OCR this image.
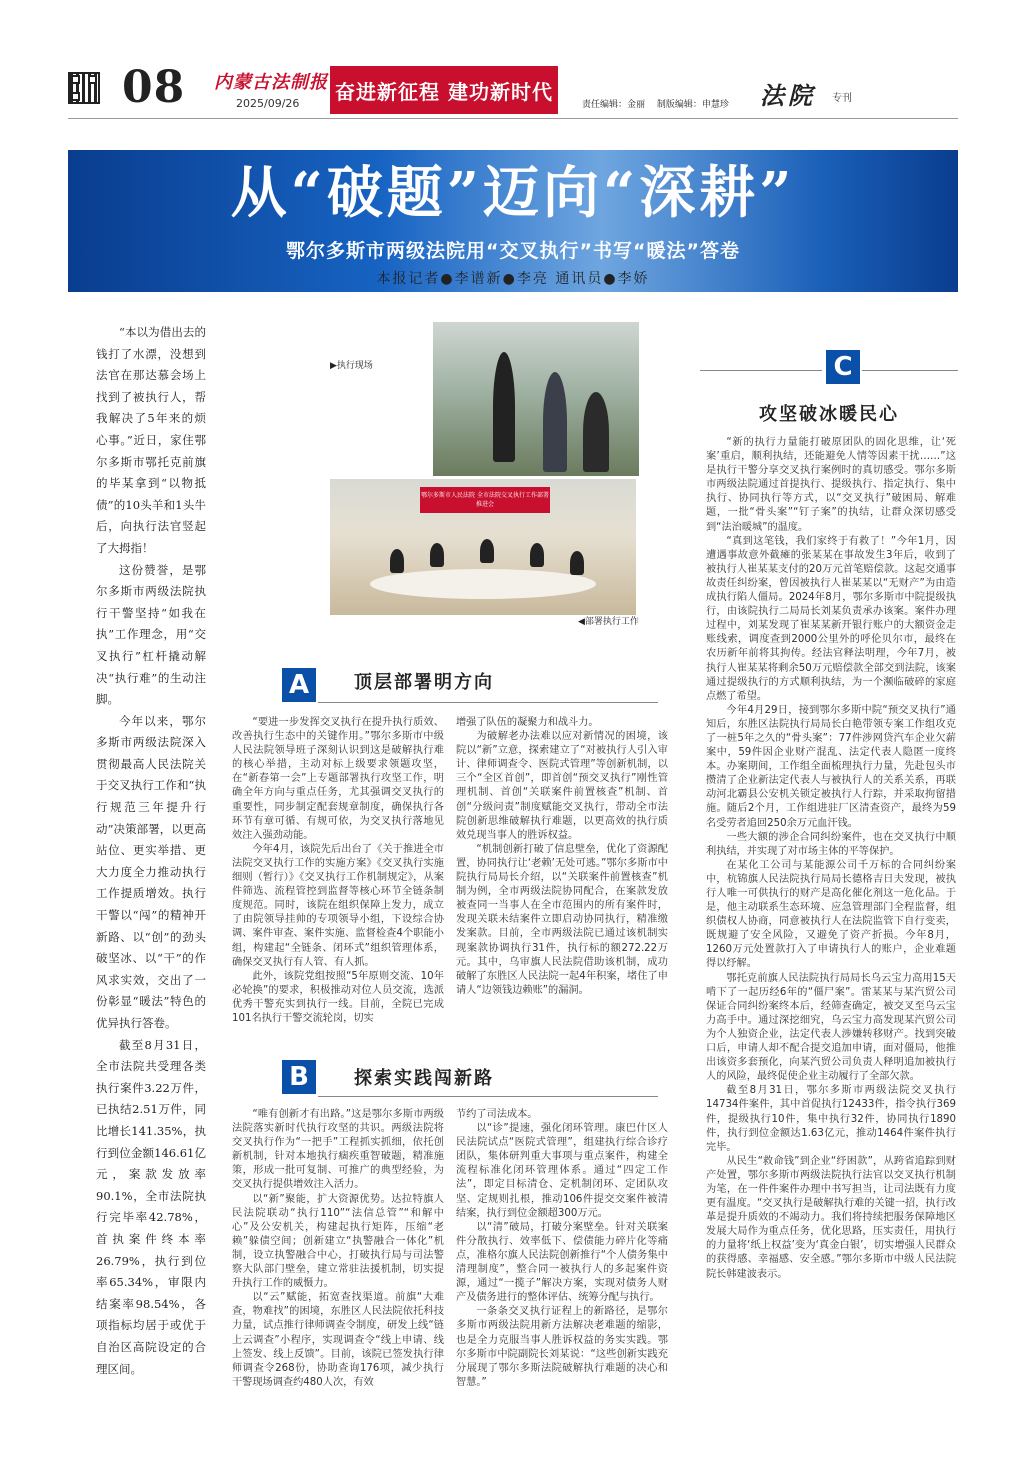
08 内蒙古法制报
2025/09/26 奋进新征程 建功新时代
责任编辑：金丽　 制版编辑：申慧珍 法院 专刊
从“破题”迈向“深耕”
鄂尔多斯市两级法院用“交叉执行”书写“暖法”答卷
本报记者●李谱新●李亮 通讯员●李娇

“本以为借出去的钱打了水漂，没想到法官在那达慕会场上找到了被执行人，帮我解决了5年来的烦心事。”近日，家住鄂尔多斯市鄂托克前旗的毕某拿到“以物抵债”的10头羊和1头牛后，向执行法官竖起了大拇指！

这份赞誉，是鄂尔多斯市两级法院执行干警坚持“如我在执”工作理念，用“交叉执行”杠杆撬动解决“执行难”的生动注脚。

今年以来，鄂尔多斯市两级法院深入贯彻最高人民法院关于交叉执行工作和“执行规范三年提升行动”决策部署，以更高站位、更实举措、更大力度全力推动执行工作提质增效。执行干警以“闯”的精神开新路、以“创”的劲头破坚冰、以“干”的作风求实效，交出了一份彰显“暖法”特色的优异执行答卷。

截至8月31日，全市法院共受理各类执行案件3.22万件，已执结2.51万件，同比增长141.35%，执行到位金额146.61亿元，案款发放率90.1%，全市法院执行完毕率42.78%，首执案件终本率26.79%，执行到位率65.34%，审限内结案率98.54%，各项指标均居于或优于自治区高院设定的合理区间。

▶执行现场
鄂尔多斯市人民法院 全市法院交叉执行工作部署推进会
◀部署执行工作
A	顶层部署明方向

“要进一步发挥交叉执行在提升执行质效、改善执行生态中的关键作用。”鄂尔多斯市中级人民法院领导班子深刻认识到这是破解执行难的核心举措，主动对标上级要求领题攻坚，在“新春第一会”上专题部署执行攻坚工作，明确全年方向与重点任务，尤其强调交叉执行的重要性，同步制定配套规章制度，确保执行各环节有章可循、有规可依，为交叉执行落地见效注入强劲动能。

今年4月，该院先后出台了《关于推进全市法院交叉执行工作的实施方案》《交叉执行实施细则（暂行）》《交叉执行工作机制规定》，从案件筛选、流程管控到监督等核心环节全链条制度规范。同时，该院在组织保障上发力，成立了由院领导挂帅的专项领导小组，下设综合协调、案件审查、案件实施、监督检查4个职能小组，构建起“全链条、闭环式”组织管理体系，确保交叉执行有人管、有人抓。

此外，该院党组按照“5年原则交流、10年必轮换”的要求，积极推动对位人员交流，选派优秀干警充实到执行一线。目前，全院已完成101名执行干警交流轮岗，切实

增强了队伍的凝聚力和战斗力。

为破解老办法难以应对新情况的困境，该院以“新”立意，探索建立了“对被执行人引入审计、律师调查令、医院式管理”等创新机制，以三个“全区首创”，即首创“预交叉执行”刚性管理机制、首创“关联案件前置核查”机制、首创“分级问责”制度赋能交叉执行，带动全市法院创新思维破解执行难题，以更高效的执行质效兑现当事人的胜诉权益。

“机制创新打破了信息壁垒，优化了资源配置，协同执行让‘老赖’无处可逃。”鄂尔多斯市中院执行局局长介绍，以“关联案件前置核查”机制为例，全市两级法院协同配合，在案款发放被查同一当事人在全市范围内的所有案件时，发现关联未结案件立即启动协同执行，精准缴发案款。目前，全市两级法院已通过该机制实现案款协调执行31件，执行标的额272.22万元。其中，乌审旗人民法院借助该机制，成功破解了东胜区人民法院一起4年积案，堵住了申请人“边领钱边赖账”的漏洞。

B	探索实践闯新路

“唯有创新才有出路。”这是鄂尔多斯市两级法院落实新时代执行攻坚的共识。两级法院将交叉执行作为“一把手”工程抓实抓细，依托创新机制，针对本地执行痼疾重智破题，精准施策，形成一批可复制、可推广的典型经验，为交叉执行提供增效注入活力。

以“新”聚能，扩大资源优势。达拉特旗人民法院联动“执行110”“法信总管”“和解中心”及公安机关，构建起执行矩阵，压缩“老赖”躲债空间；创新建立“执警融合一体化”机制，设立执警融合中心，打破执行局与司法警察大队部门壁垒，建立常驻法援机制，切实提升执行工作的威慑力。

以“云”赋能，拓宽查找渠道。前旗“大难查，物难找”的困境，东胜区人民法院依托科技力量，试点推行律师调查令制度，研发上线“链上云调查”小程序，实现调查令“线上申请、线上签发、线上反馈”。目前，该院已签发执行律师调查令268份，协助查询176项，减少执行干警现场调查约480人次，有效

节约了司法成本。

以“诊”提速，强化闭环管理。康巴什区人民法院试点“医院式管理”，组建执行综合诊疗团队，集体研判重大事项与重点案件，构建全流程标准化闭环管理体系。通过“四定工作法”，即定目标清仓、定机制闭环、定团队攻坚、定规则扎根，推动106件提交交案件被清结案，执行到位金额超300万元。

以“清”破局，打破分案壁垒。针对关联案件分散执行、效率低下、偿债能力碎片化等痛点，准格尔旗人民法院创新推行“个人债务集中清理制度”，整合同一被执行人的多起案件资源，通过“一揽子”解决方案，实现对债务人财产及债务进行的整体评估、统筹分配与执行。

一条条交叉执行证程上的新路径，是鄂尔多斯市两级法院用新方法解决老难题的缩影，也是全力克服当事人胜诉权益的务实实践。鄂尔多斯市中院副院长刘某说：“这些创新实践充分展现了鄂尔多斯法院破解执行难题的决心和智慧。”

C
攻坚破冰暖民心

“新的执行力量能打破原团队的固化思维，让‘死案’重启，顺利执结，还能避免人情等因素干扰……”这是执行干警分享交叉执行案例时的真切感受。鄂尔多斯市两级法院通过首提执行、提级执行、指定执行、集中执行、协同执行等方式，以“交叉执行”破困局、解难题，一批“骨头案”“钉子案”的执结，让群众深切感受到“法治暖城”的温度。

“真到这笔钱，我们家终于有救了！”今年1月，因遭遇事故意外截瘫的张某某在事故发生3年后，收到了被执行人崔某某支付的20万元首笔赔偿款。这起交通事故责任纠纷案，曾因被执行人崔某某以“无财产”为由造成执行陷人僵局。2024年8月，鄂尔多斯市中院提级执行，由该院执行二局局长刘某负责承办该案。案件办理过程中，刘某发现了崔某某新开银行账户的大额资金走账线索，调度查到2000公里外的呼伦贝尔市，最终在农历新年前将其拘传。经法官释法明理，今年7月，被执行人崔某某将剩余50万元赔偿款全部交到法院，该案通过提级执行的方式顺利执结，为一个濒临破碎的家庭点燃了希望。

今年4月29日，接到鄂尔多斯中院“预交叉执行”通知后，东胜区法院执行局局长白艳带领专案工作组攻克了一桩5年之久的“骨头案”：77件涉网贷汽车企业欠薪案中，59件因企业财产混乱、法定代表人隐匿一度终本。办案期间，工作组全面梳理执行力量，先赴包头市攒清了企业新法定代表人与被执行人的关系关系，再联动河北霸县公安机关锁定被执行人行踪，并采取拘留措施。随后2个月，工作组进驻厂区清查资产，最终为59名受劳者追回250余万元血汗钱。

一些大额的涉企合同纠纷案件，也在交叉执行中顺利执结，并实现了对市场主体的平等保护。

在某化工公司与某能源公司千万标的合同纠纷案中，杭锦旗人民法院执行局局长德格吉日夫发现，被执行人唯一可供执行的财产是高化催化剂这一危化品。于是，他主动联系生态环境、应急管理部门全程监督，组织债权人协商，同意被执行人在法院监管下自行变卖，既规避了安全风险，又避免了资产折损。今年8月，1260万元处置款打入了申请执行人的账户，企业难题得以纾解。

鄂托克前旗人民法院执行局局长乌云宝力高用15天啃下了一起历经6年的“僵尸案”。雷某某与某汽贸公司保证合同纠纷案终本后，经筛查确定，被交叉至乌云宝力高手中。通过深挖细究，乌云宝力高发现某汽贸公司为个人独资企业，法定代表人涉嫌转移财产。找到突破口后，申请人却不配合提交追加申请，面对僵局，他推出该资多套预化，向某汽贸公司负责人释明追加被执行人的风险，最终促使企业主动履行了全部欠款。

截至8月31日，鄂尔多斯市两级法院交叉执行14734件案件，其中首促执行12433件，指令执行369件，提级执行10件，集中执行32件，协同执行1890件，执行到位金额达1.63亿元，推动1464件案件执行完毕。

从民生“救命钱”到企业“纾困款”，从跨省追踪到财产处置，鄂尔多斯市两级法院执行法官以交叉执行机制为笔，在一件件案件办理中书写担当，让司法既有力度更有温度。“交叉执行是破解执行难的关键一招，执行改革是提升质效的不竭动力。我们将持续把服务保障地区发展大局作为重点任务，优化思路，压实责任，用执行的力量将‘纸上权益’变为‘真金白银’，切实增强人民群众的获得感、幸福感、安全感。”鄂尔多斯市中级人民法院院长韩建波表示。
